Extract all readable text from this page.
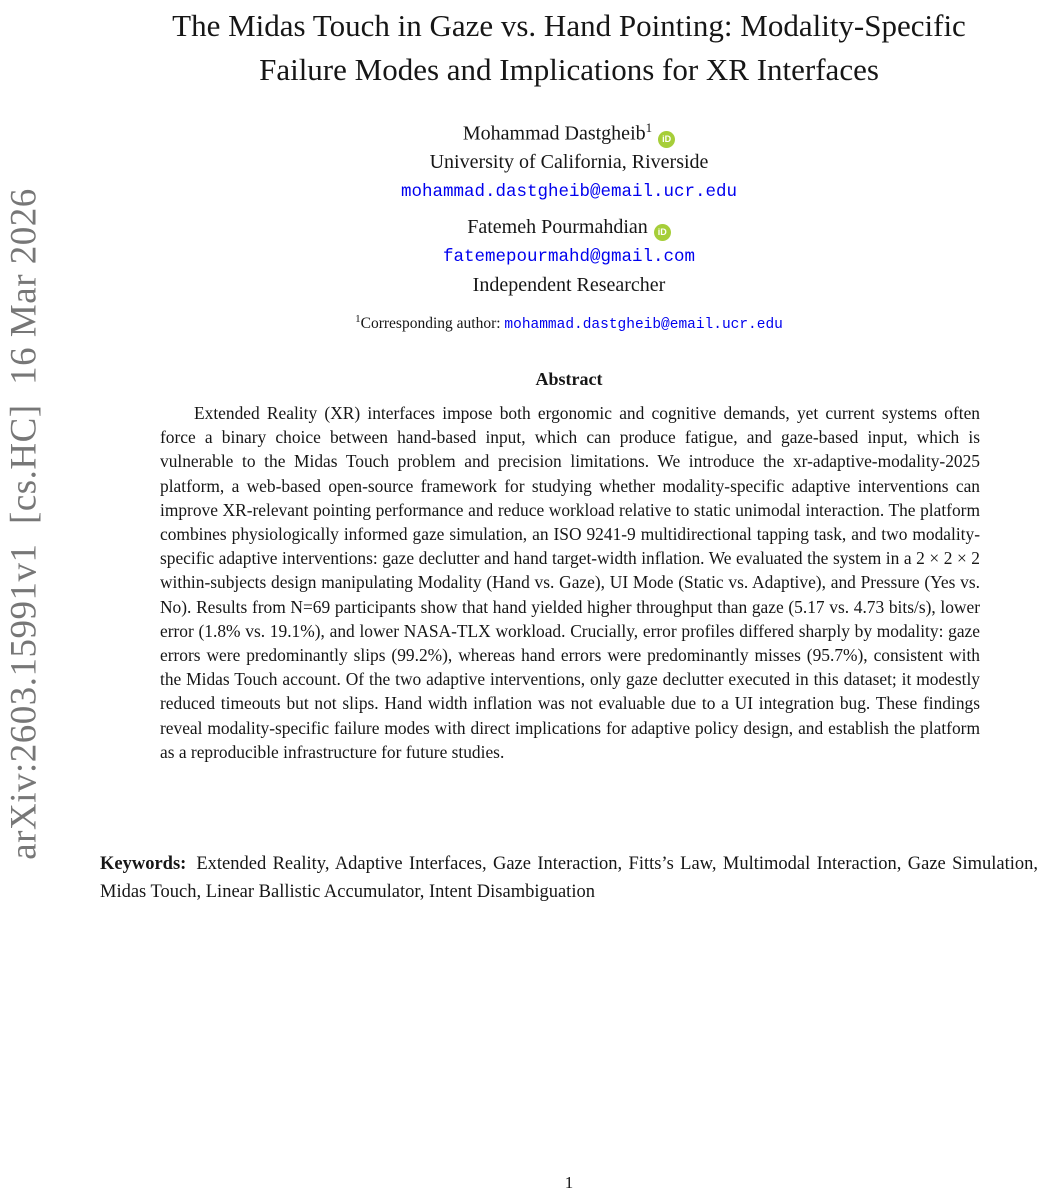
arXiv:2603.15991v1  [cs.HC]  16 Mar 2026
The Midas Touch in Gaze vs. Hand Pointing: Modality-Specific
Failure Modes and Implications for XR Interfaces
Mohammad Dastgheib$^1$iD
University of California, Riverside
mohammad.dastgheib@email.ucr.edu
Fatemeh Pourmahdian iD
fatemepourmahd@gmail.com
Independent Researcher
$^1$Corresponding author: mohammad.dastgheib@email.ucr.edu
Abstract
Extended Reality (XR) interfaces impose both ergonomic and cognitive demands, yet current systems often force a binary choice between hand-based input, which can produce fatigue, and gaze-based input, which is vulnerable to the Midas Touch problem and precision limitations. We introduce the xr-adaptive-modality-2025 platform, a web-based open-source framework for studying whether modality-specific adaptive interventions can improve XR-relevant pointing performance and reduce workload relative to static unimodal interaction. The platform combines physiologically informed gaze simulation, an ISO 9241-9 multidirectional tapping task, and two modality-specific adaptive interventions: gaze declutter and hand target-width inflation. We evaluated the system in a 2 × 2 × 2 within-subjects design manipulating Modality (Hand vs. Gaze), UI Mode (Static vs. Adaptive), and Pressure (Yes vs. No). Results from N=69 participants show that hand yielded higher throughput than gaze (5.17 vs. 4.73 bits/s), lower error (1.8% vs. 19.1%), and lower NASA-TLX workload. Crucially, error profiles differed sharply by modality: gaze errors were predominantly slips (99.2%), whereas hand errors were predominantly misses (95.7%), consistent with the Midas Touch account. Of the two adaptive interventions, only gaze declutter executed in this dataset; it modestly reduced timeouts but not slips. Hand width inflation was not evaluable due to a UI integration bug. These findings reveal modality-specific failure modes with direct implications for adaptive policy design, and establish the platform as a reproducible infrastructure for future studies.
Keywords: Extended Reality, Adaptive Interfaces, Gaze Interaction, Fitts’s Law, Multimodal Interaction, Gaze Simulation, Midas Touch, Linear Ballistic Accumulator, Intent Disambiguation
1
